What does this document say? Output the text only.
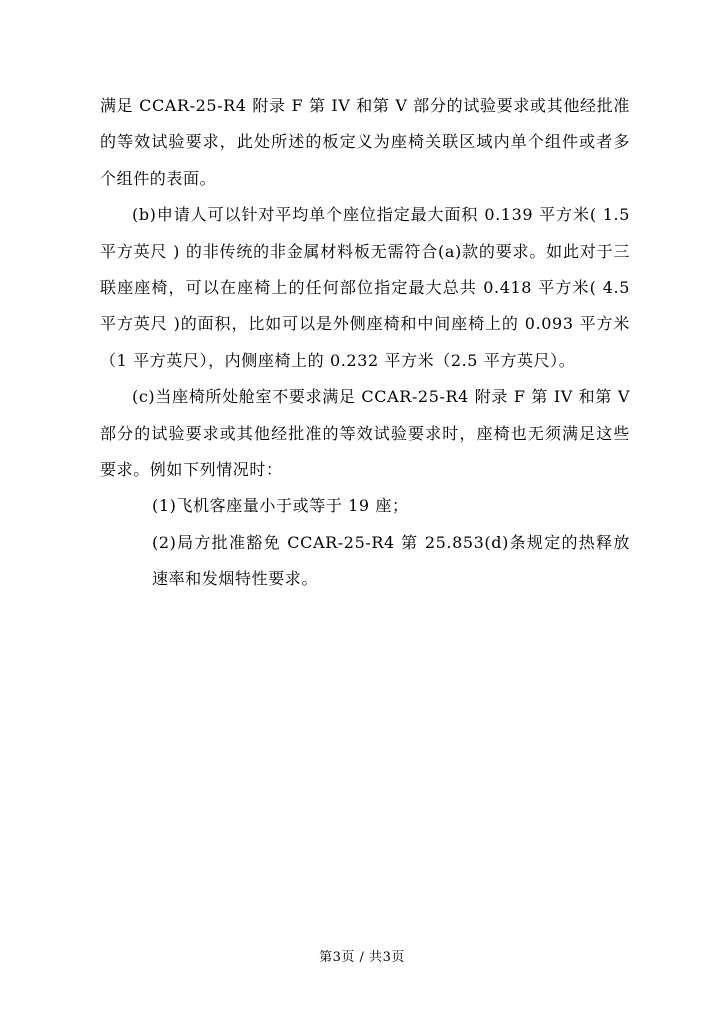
满足 CCAR-25-R4 附录 F 第 IV 和第 V 部分的试验要求或其他经批准的等效试验要求，此处所述的板定义为座椅关联区域内单个组件或者多个组件的表面。

(b)申请人可以针对平均单个座位指定最大面积 0.139 平方米( 1.5 平方英尺 ) 的非传统的非金属材料板无需符合(a)款的要求。如此对于三联座座椅，可以在座椅上的任何部位指定最大总共 0.418 平方米( 4.5 平方英尺 )的面积，比如可以是外侧座椅和中间座椅上的 0.093 平方米（1 平方英尺），内侧座椅上的 0.232 平方米（2.5 平方英尺）。

(c)当座椅所处舱室不要求满足 CCAR-25-R4 附录 F 第 IV 和第 V 部分的试验要求或其他经批准的等效试验要求时，座椅也无须满足这些要求。例如下列情况时：

(1)飞机客座量小于或等于 19 座；

(2)局方批准豁免 CCAR-25-R4 第 25.853(d)条规定的热释放速率和发烟特性要求。

第3页 / 共3页
